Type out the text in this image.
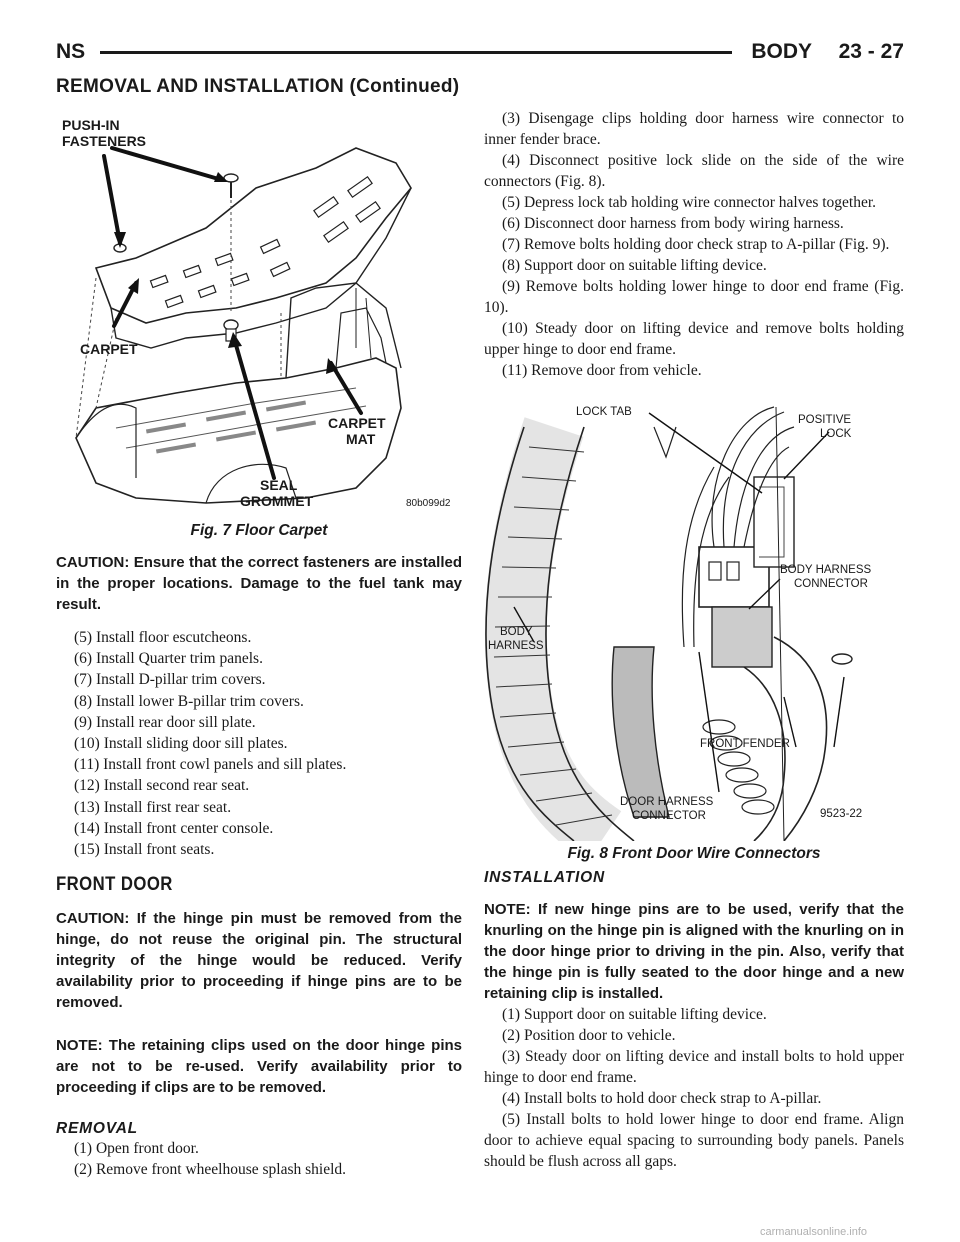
NS	BODY 23 - 27
REMOVAL AND INSTALLATION (Continued)
PUSH-IN
FASTENERS
CARPET
CARPET
MAT
SEAL
GROMMET	80b099d2
Fig. 7 Floor Carpet
CAUTION: Ensure that the correct fasteners are installed in the proper locations. Damage to the fuel tank may result.
(5) Install floor escutcheons.
(6) Install Quarter trim panels.
(7) Install D-pillar trim covers.
(8) Install lower B-pillar trim covers.
(9) Install rear door sill plate.
(10) Install sliding door sill plates.
(11) Install front cowl panels and sill plates.
(12) Install second rear seat.
(13) Install first rear seat.
(14) Install front center console.
(15) Install front seats.
FRONT DOOR
CAUTION: If the hinge pin must be removed from the hinge, do not reuse the original pin. The structural integrity of the hinge would be reduced. Verify availability prior to proceeding if hinge pins are to be removed.
NOTE: The retaining clips used on the door hinge pins are not to be re-used. Verify availability prior to proceeding if clips are to be removed.
REMOVAL
(1) Open front door.
(2) Remove front wheelhouse splash shield.
(3) Disengage clips holding door harness wire connector to inner fender brace.
(4) Disconnect positive lock slide on the side of the wire connectors (Fig. 8).
(5) Depress lock tab holding wire connector halves together.
(6) Disconnect door harness from body wiring harness.
(7) Remove bolts holding door check strap to A-pillar (Fig. 9).
(8) Support door on suitable lifting device.
(9) Remove bolts holding lower hinge to door end frame (Fig. 10).
(10) Steady door on lifting device and remove bolts holding upper hinge to door end frame.
(11) Remove door from vehicle.
LOCK TAB
POSITIVE
LOCK
BODY HARNESS
CONNECTOR
BODY
HARNESS
FRONT FENDER
DOOR HARNESS
CONNECTOR	9523-22
Fig. 8 Front Door Wire Connectors
INSTALLATION
NOTE: If new hinge pins are to be used, verify that the knurling on the hinge pin is aligned with the knurling on in the door hinge prior to driving in the pin. Also, verify that the hinge pin is fully seated to the door hinge and a new retaining clip is installed.
(1) Support door on suitable lifting device.
(2) Position door to vehicle.
(3) Steady door on lifting device and install bolts to hold upper hinge to door end frame.
(4) Install bolts to hold door check strap to A-pillar.
(5) Install bolts to hold lower hinge to door end frame. Align door to achieve equal spacing to surrounding body panels. Panels should be flush across all gaps.
carmanualsonline.info
